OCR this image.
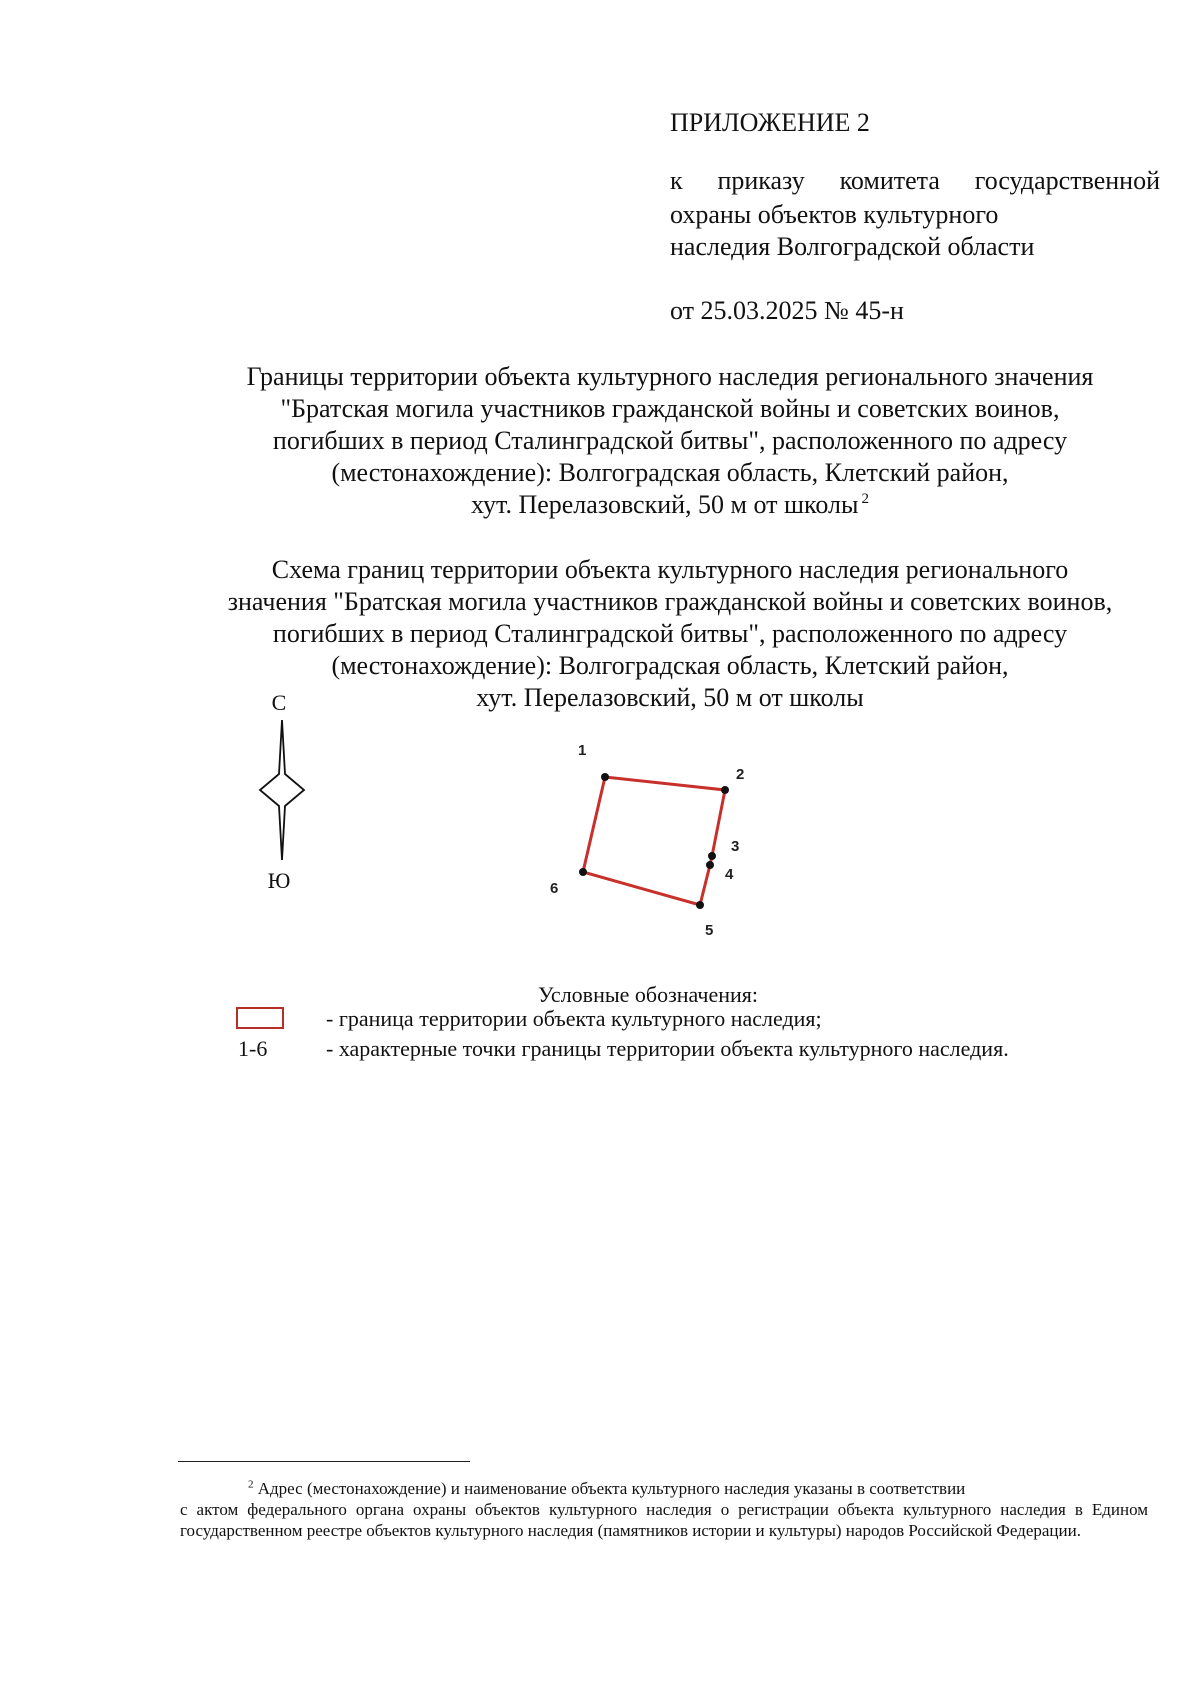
ПРИЛОЖЕНИЕ 2
к приказу комитета государственной
охраны объектов культурного
наследия Волгоградской области
от 25.03.2025 № 45-н
Границы территории объекта культурного наследия регионального значения
"Братская могила участников гражданской войны и советских воинов,
погибших в период Сталинградской битвы", расположенного по адресу
(местонахождение): Волгоградская область, Клетский район,
хут. Перелазовский, 50 м от школы $^2$
Схема границ территории объекта культурного наследия регионального
значения "Братская могила участников гражданской войны и советских воинов,
погибших в период Сталинградской битвы", расположенного по адресу
(местонахождение): Волгоградская область, Клетский район,
хут. Перелазовский, 50 м от школы
С
Ю
1
2
3
4
5
6
Условные обозначения:
- граница территории объекта культурного наследия;
1-6	- характерные точки границы территории объекта культурного наследия.
$^2$ Адрес (местонахождение) и наименование объекта культурного наследия указаны в соответствии
с актом федерального органа охраны объектов культурного наследия о регистрации объекта культурного наследия в Едином государственном реестре объектов культурного наследия (памятников истории и культуры) народов Российской Федерации.
